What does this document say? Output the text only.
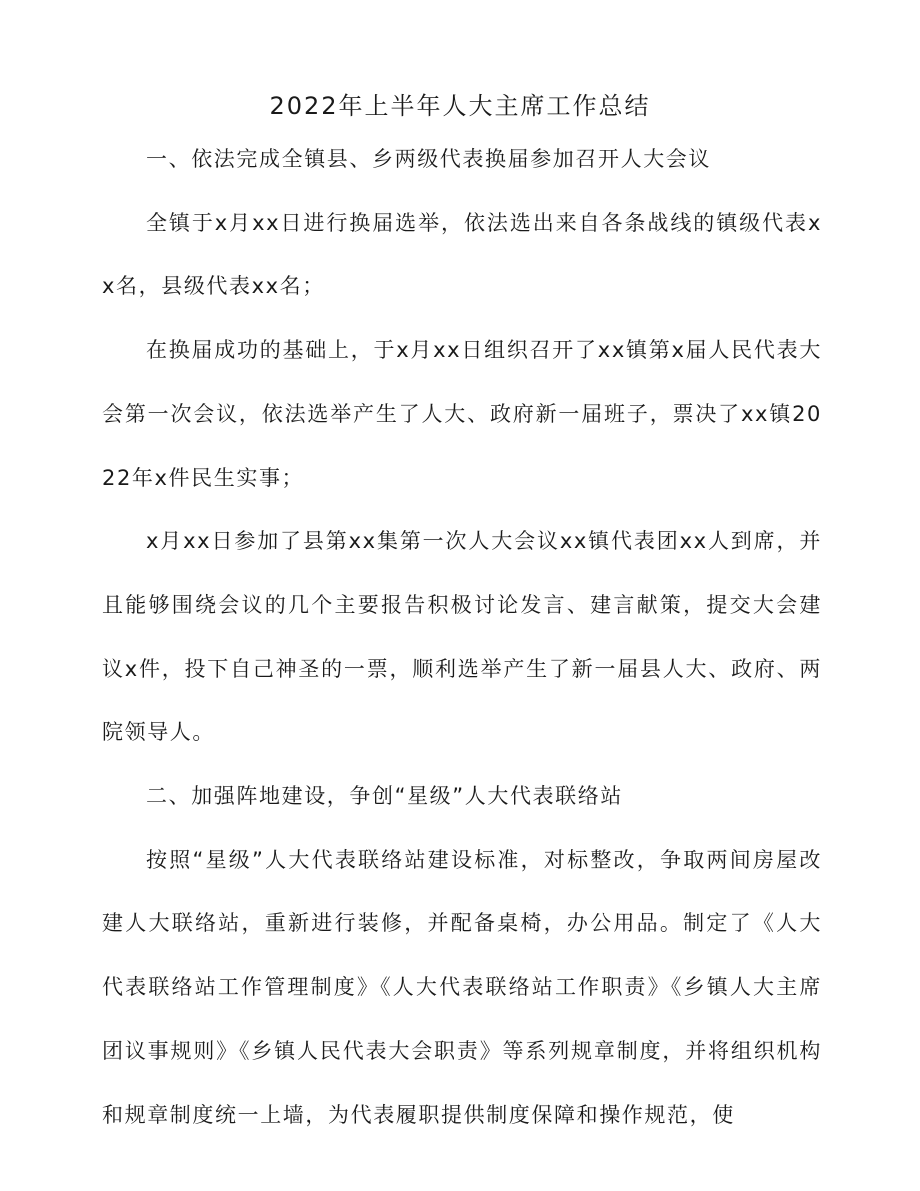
2022年上半年人大主席工作总结

一、依法完成全镇县、乡两级代表换届参加召开人大会议

全镇于x月xx日进行换届选举，依法选出来自各条战线的镇级代表xx名，县级代表xx名；

在换届成功的基础上，于x月xx日组织召开了xx镇第x届人民代表大会第一次会议，依法选举产生了人大、政府新一届班子，票决了xx镇2022年x件民生实事；

x月xx日参加了县第xx集第一次人大会议xx镇代表团xx人到席，并且能够围绕会议的几个主要报告积极讨论发言、建言献策，提交大会建议x件，投下自己神圣的一票，顺利选举产生了新一届县人大、政府、两院领导人。

二、加强阵地建设，争创“星级”人大代表联络站

按照“星级”人大代表联络站建设标准，对标整改，争取两间房屋改建人大联络站，重新进行装修，并配备桌椅，办公用品。制定了《人大代表联络站工作管理制度》《人大代表联络站工作职责》《乡镇人大主席团议事规则》《乡镇人民代表大会职责》等系列规章制度，并将组织机构和规章制度统一上墙，为代表履职提供制度保障和操作规范，使
